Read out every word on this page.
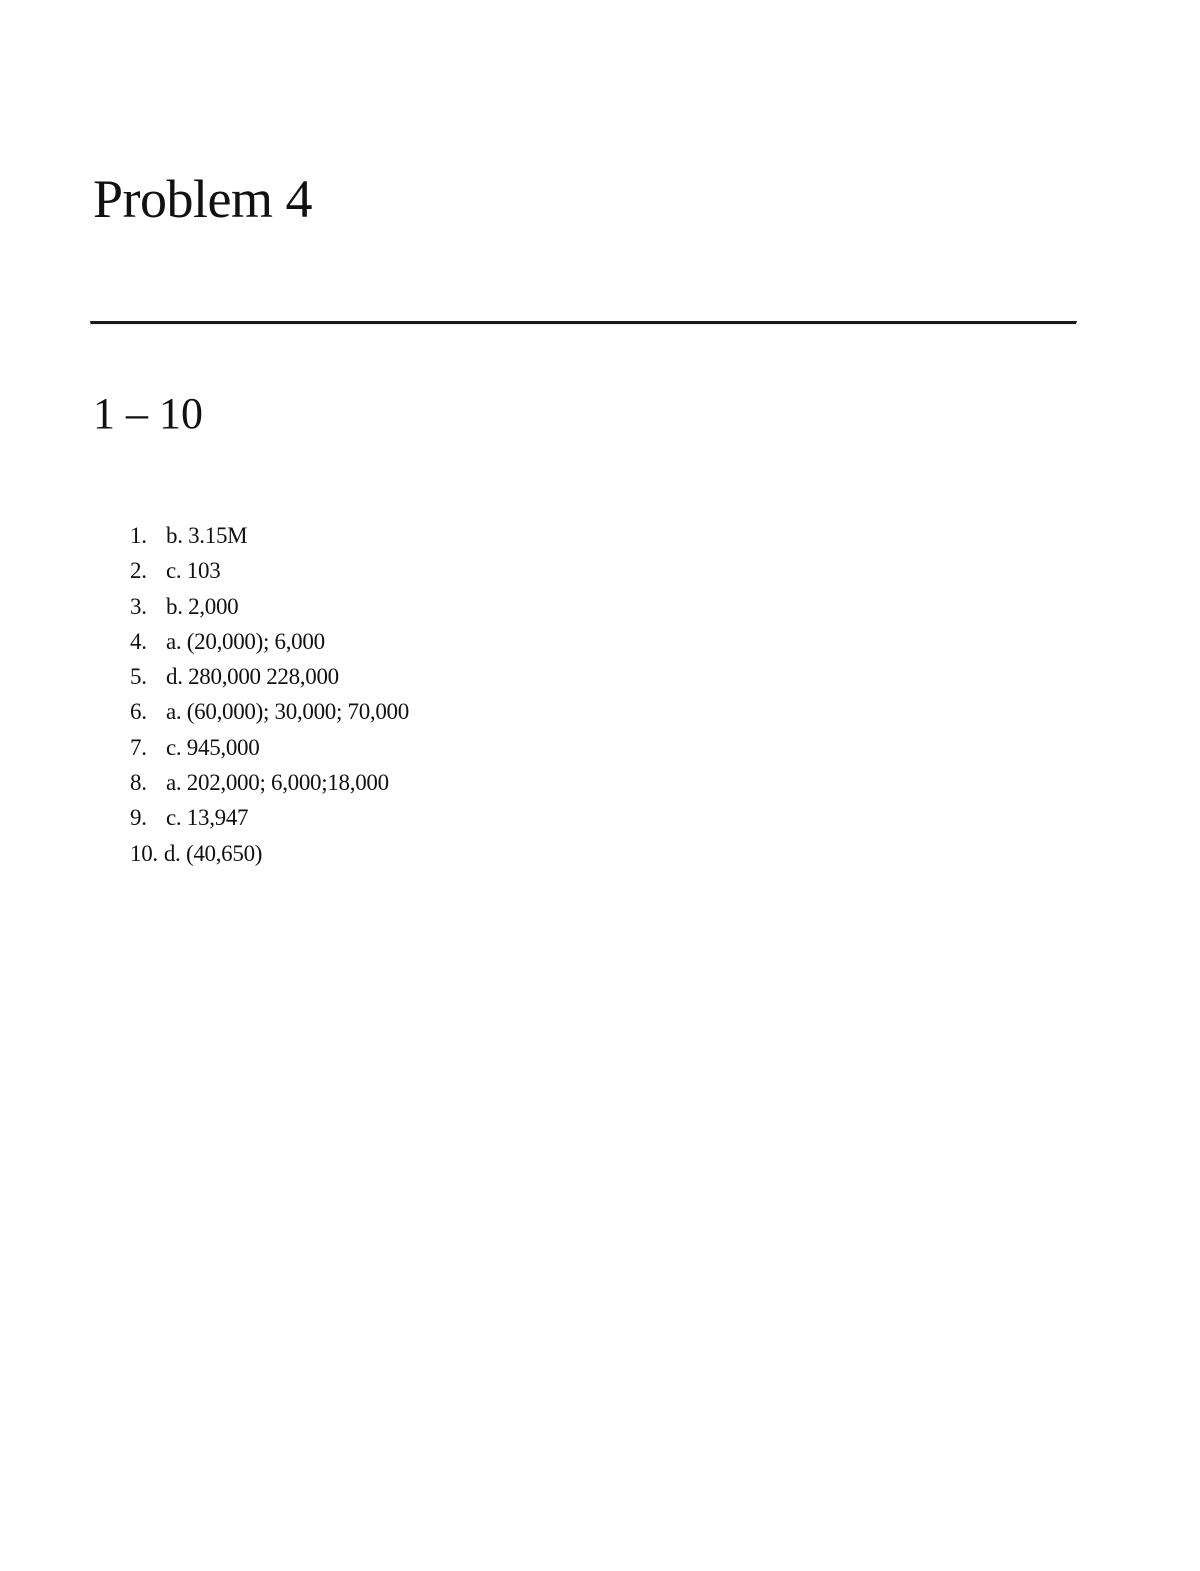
Problem 4
1 – 10
1. b. 3.15M
2. c. 103
3. b. 2,000
4. a. (20,000); 6,000
5. d. 280,000 228,000
6. a. (60,000); 30,000; 70,000
7. c. 945,000
8. a. 202,000; 6,000;18,000
9. c. 13,947
10. d. (40,650)
